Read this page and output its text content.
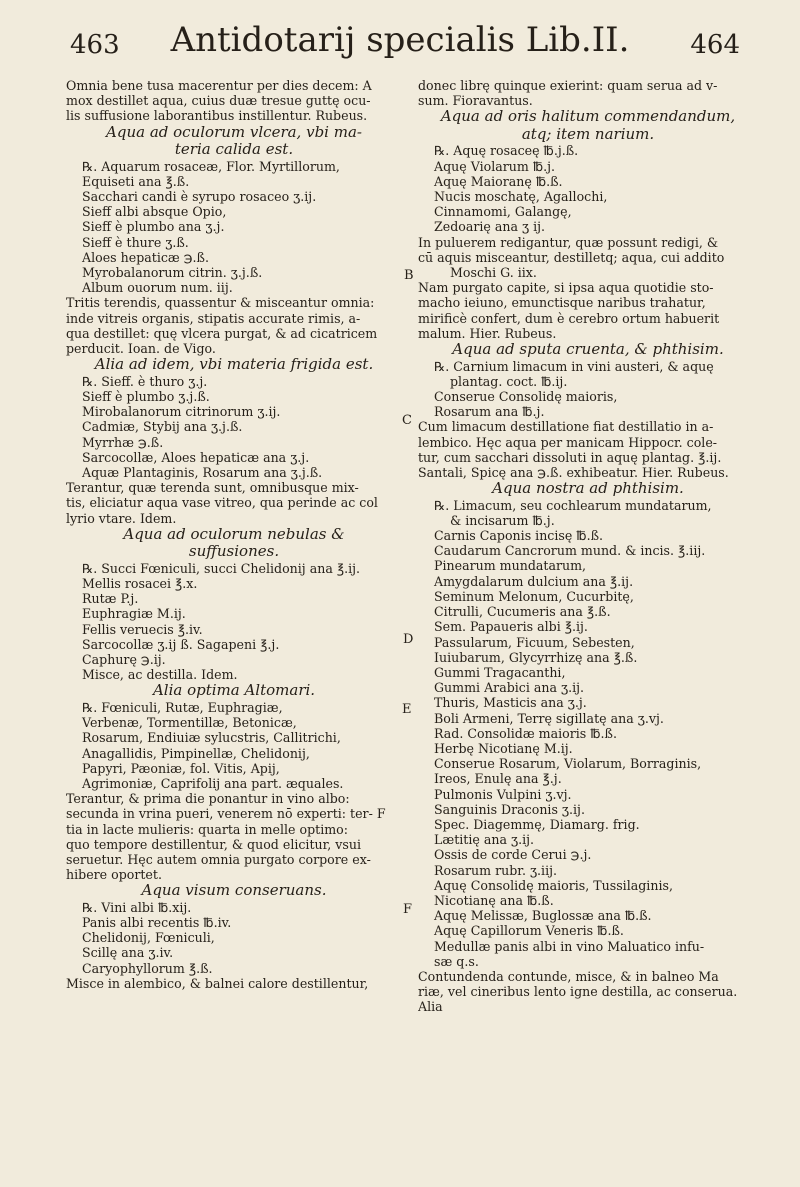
463	Antidotarij specialis Lib.II.	464
Omnia bene tusa macerentur per dies decem: A
mox destillet aqua, cuius duæ tresue guttę ocu-
lis suffusione laborantibus instillentur. Rubeus.
Aqua ad oculorum vlcera, vbi ma-
teria calida est.
℞. Aquarum rosaceæ, Flor. Myrtillorum,
Equiseti ana ℥.ß.
Sacchari candi è syrupo rosaceo ʒ.ij.
Sieff albi absque Opio,
Sieff è plumbo ana ʒ.j.
Sieff è thure ʒ.ß.
Aloes hepaticæ ℈.ß.
Myrobalanorum citrin. ʒ.j.ß.
Album ouorum num. iij.
Tritis terendis, quassentur & misceantur omnia:
inde vitreis organis, stipatis accurate rimis, a-
qua destillet: quę vlcera purgat, & ad cicatricem
perducit. Ioan. de Vigo.
Alia ad idem, vbi materia frigida est.
℞. Sieff. è thuro ʒ.j.
Sieff è plumbo ʒ.j.ß.
Mirobalanorum citrinorum ʒ.ij.
Cadmiæ, Stybij ana ʒ.j.ß.
Myrrhæ ℈.ß.
Sarcocollæ, Aloes hepaticæ ana ʒ.j.
Aquæ Plantaginis, Rosarum ana ʒ.j.ß.
Terantur, quæ terenda sunt, omnibusque mix-
tis, eliciatur aqua vase vitreo, qua perinde ac col
lyrio vtare. Idem.
Aqua ad oculorum nebulas &
suffusiones.
℞. Succi Fœniculi, succi Chelidonij ana ℥.ij.
Mellis rosacei ℥.x.
Rutæ P.j.
Euphragiæ M.ij.
Fellis veruecis ℥.iv.
Sarcocollæ ʒ.ij ß. Sagapeni ℥.j.
Caphurę ℈.ij.
Misce, ac destilla. Idem.
Alia optima Altomari.
℞. Fœniculi, Rutæ, Euphragiæ,
Verbenæ, Tormentillæ, Betonicæ,
Rosarum, Endiuiæ sylucstris, Callitrichi,
Anagallidis, Pimpinellæ, Chelidonij,
Papyri, Pæoniæ, fol. Vitis, Apij,
Agrimoniæ, Caprifolij ana part. æquales.
Terantur, & prima die ponantur in vino albo:
secunda in vrina pueri, venerem nō experti: ter- F
tia in lacte mulieris: quarta in melle optimo:
quo tempore destillentur, & quod elicitur, vsui
seruetur. Hęc autem omnia purgato corpore ex-
hibere oportet.
Aqua visum conseruans.
℞. Vini albi ℔.xij.
Panis albi recentis ℔.iv.
Chelidonij, Fœniculi,
Scillę ana ʒ.iv.
Caryophyllorum ℥.ß.
Misce in alembico, & balnei calore destillentur,
donec librę quinque exierint: quam serua ad v-
sum. Fioravantus.
Aqua ad oris halitum commendandum,
atq; item narium.
℞. Aquę rosaceę ℔.j.ß.
Aquę Violarum ℔.j.
Aquę Maioranę ℔.ß.
Nucis moschatę, Agallochi,
Cinnamomi, Galangę,
Zedoarię ana ʒ ij.
In puluerem redigantur, quæ possunt redigi, &
cū aquis misceantur, destilletq; aqua, cui addito
Moschi G. iix.
Nam purgato capite, si ipsa aqua quotidie sto-
macho ieiuno, emunctisque naribus trahatur,
mirificè confert, dum è cerebro ortum habuerit
malum. Hier. Rubeus.
Aqua ad sputa cruenta, & phthisim.
℞. Carnium limacum in vini austeri, & aquę
plantag. coct. ℔.ij.
Conserue Consolidę maioris,
Rosarum ana ℔.j.
Cum limacum destillatione fiat destillatio in a-
lembico. Hęc aqua per manicam Hippocr. cole-
tur, cum sacchari dissoluti in aquę plantag. ℥.ij.
Santali, Spicę ana ℈.ß. exhibeatur. Hier. Rubeus.
Aqua nostra ad phthisim.
℞. Limacum, seu cochlearum mundatarum,
& incisarum ℔.j.
Carnis Caponis incisę ℔.ß.
Caudarum Cancrorum mund. & incis. ℥.iij.
Pinearum mundatarum,
Amygdalarum dulcium ana ℥.ij.
Seminum Melonum, Cucurbitę,
Citrulli, Cucumeris ana ℥.ß.
Sem. Papaueris albi ℥.ij.
Passularum, Ficuum, Sebesten,
Iuiubarum, Glycyrrhizę ana ℥.ß.
Gummi Tragacanthi,
Gummi Arabici ana ʒ.ij.
Thuris, Masticis ana ʒ.j.
Boli Armeni, Terrę sigillatę ana ʒ.vj.
Rad. Consolidæ maioris ℔.ß.
Herbę Nicotianę M.ij.
Conserue Rosarum, Violarum, Borraginis,
Ireos, Enulę ana ℥.j.
Pulmonis Vulpini ʒ.vj.
Sanguinis Draconis ʒ.ij.
Spec. Diagemmę, Diamarg. frig.
Lætitię ana ʒ.ij.
Ossis de corde Cerui ℈.j.
Rosarum rubr. ʒ.iij.
Aquę Consolidę maioris, Tussilaginis,
Nicotianę ana ℔.ß.
Aquę Melissæ, Buglossæ ana ℔.ß.
Aquę Capillorum Veneris ℔.ß.
Medullæ panis albi in vino Maluatico infu-
sæ q.s.
Contundenda contunde, misce, & in balneo Ma
riæ, vel cineribus lento igne destilla, ac conserua.
Alia
B
C
D
E
F
